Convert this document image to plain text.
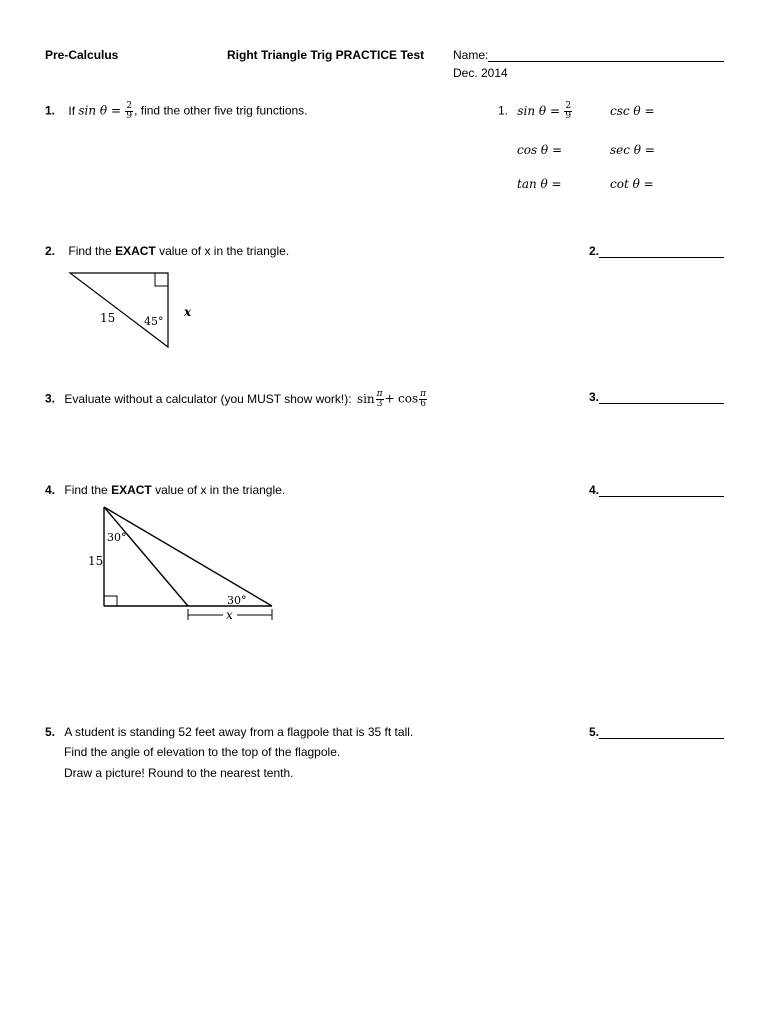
Pre-Calculus	Right Triangle Trig PRACTICE Test Name:
Dec. 2014
1. If $\sin \theta = \frac{2}{9}$ , find the other five trig functions.	1. $\sin \theta = \frac{2}{9}$	csc θ =
cos θ =	sec θ =
tan θ =	cot θ =
2. Find the EXACT value of x in the triangle.	2.
15	45°
x
3. Evaluate without a calculator (you MUST show work!): $\sin \frac{\pi}{3} + \cos \frac{\pi}{6}$	3.
4. Find the EXACT value of x in the triangle.	4.
30°
15
30°
x
5. A student is standing 52 feet away from a flagpole that is 35 ft tall.
Find the angle of elevation to the top of the flagpole.
Draw a picture! Round to the nearest tenth.
5.
